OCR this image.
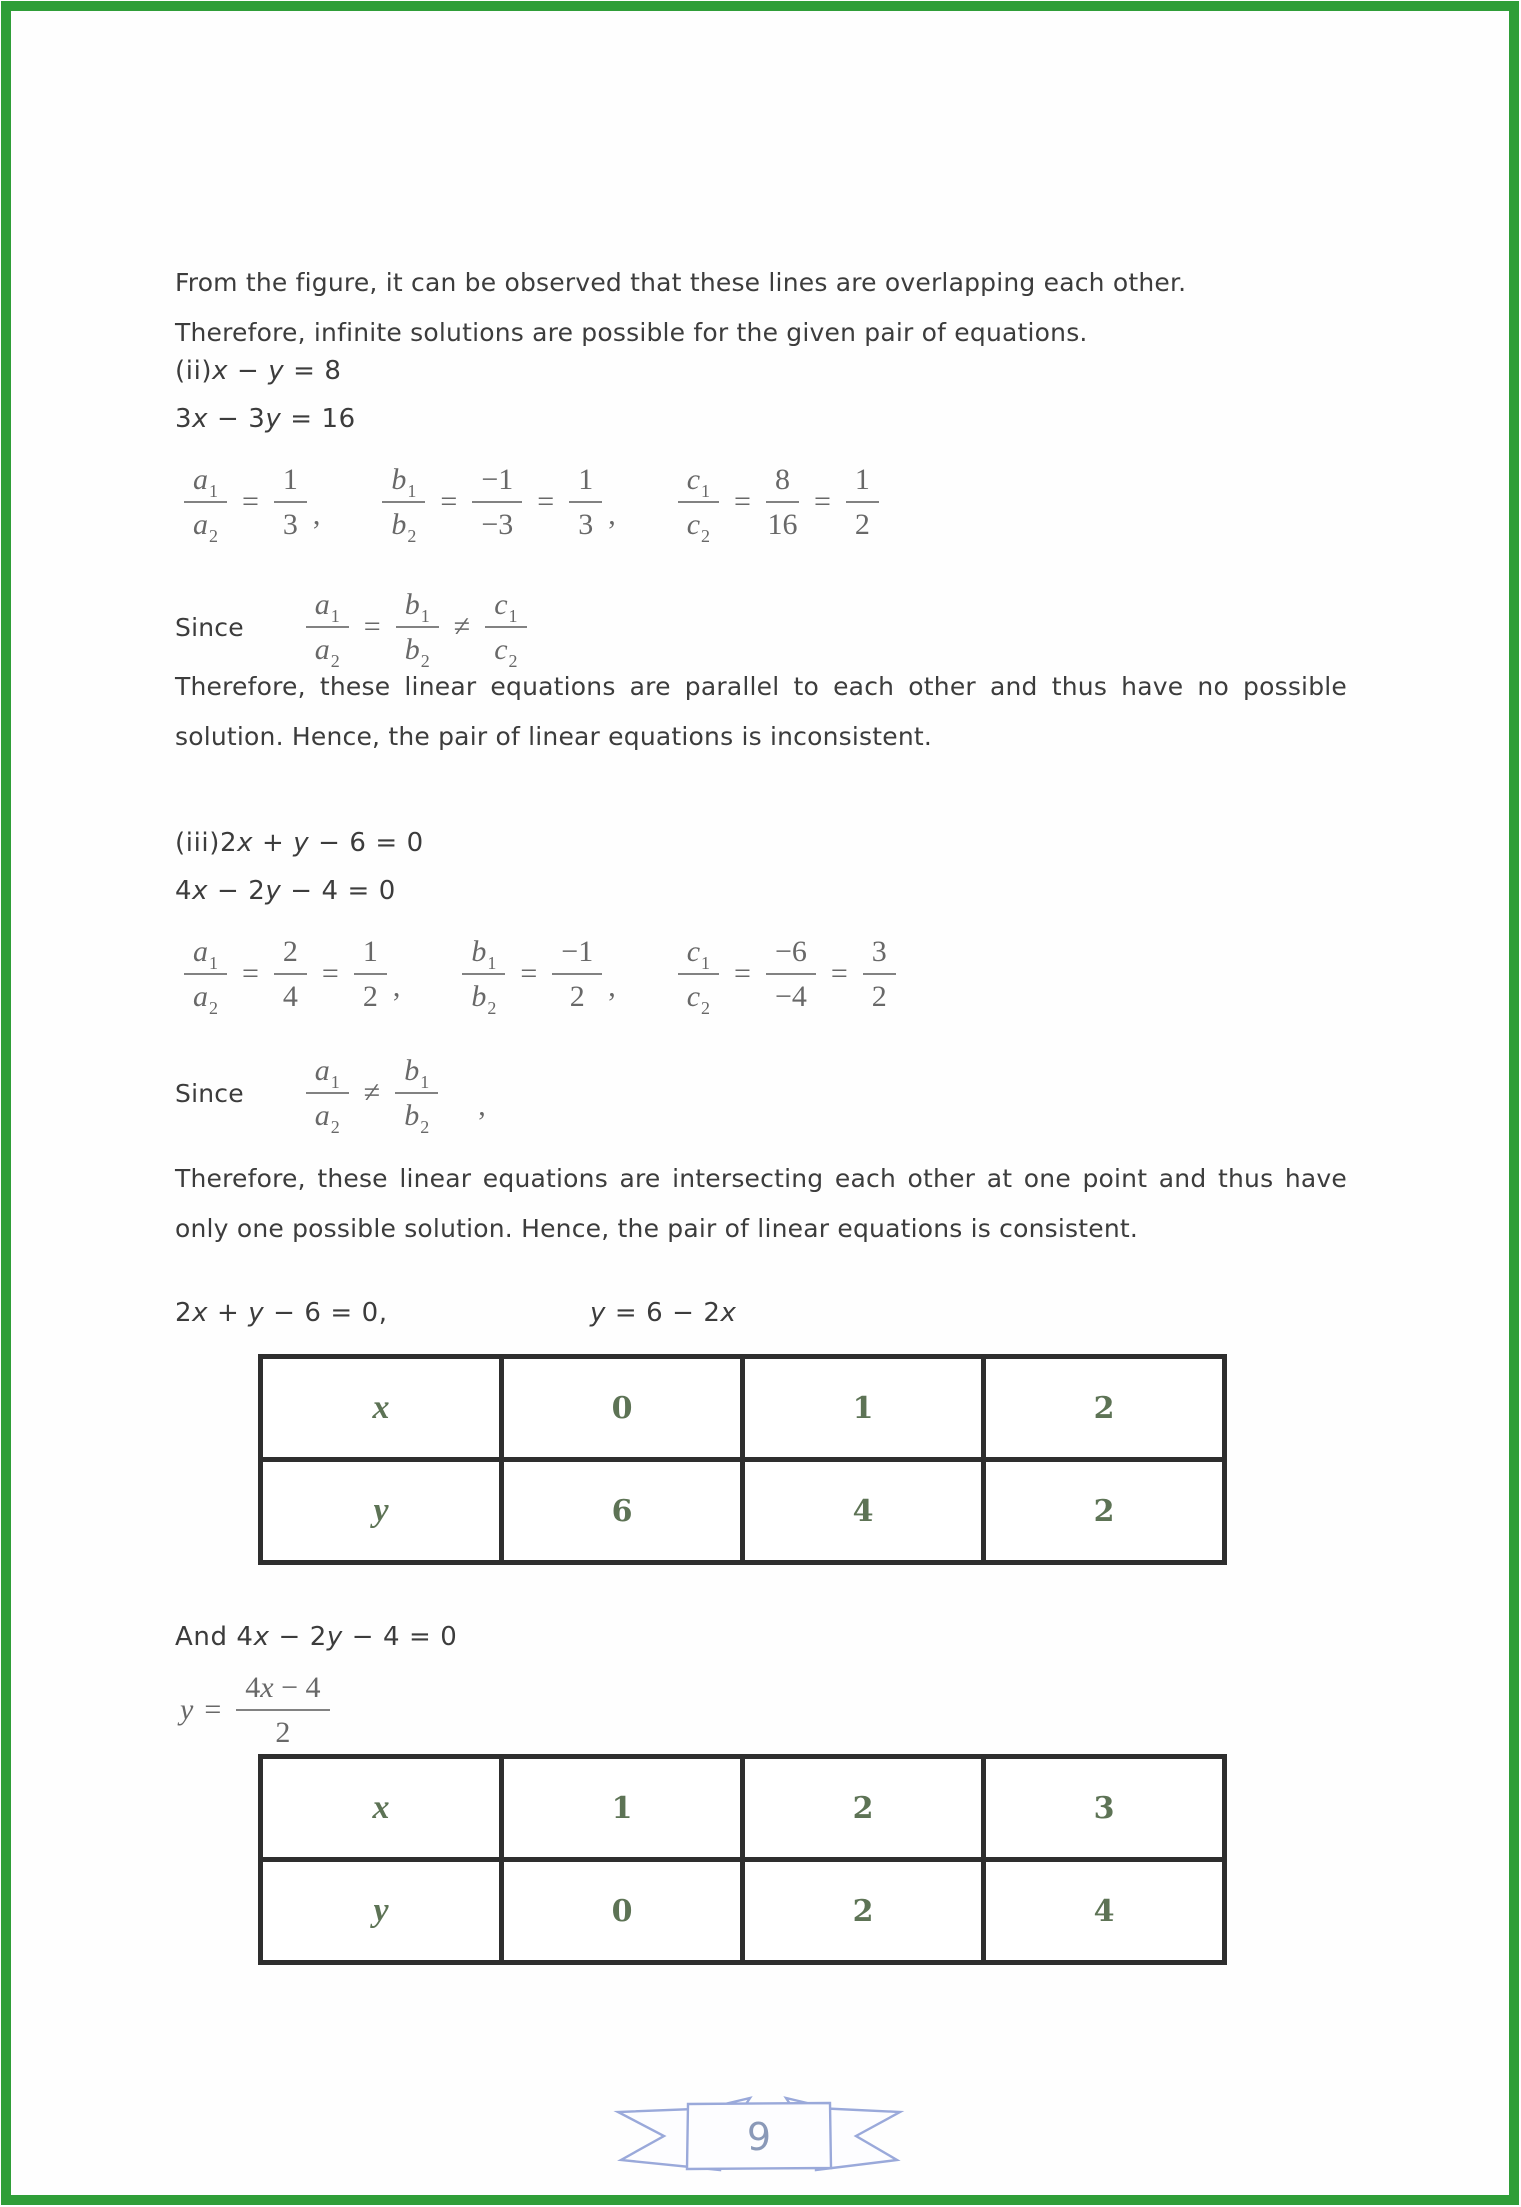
From the figure, it can be observed that these lines are overlapping each other.
Therefore, infinite solutions are possible for the given pair of equations.
(ii)x − y = 8
3x − 3y = 16
$\frac{a_1}{a_2} = \frac{1}{3}$ , $\frac{b_1}{b_2} = \frac{-1}{-3} = \frac{1}{3}$ , $\frac{c_1}{c_2} = \frac{8}{16} = \frac{1}{2}$
Since $\frac{a_1}{a_2} = \frac{b_1}{b_2} \ne \frac{c_1}{c_2}$
Therefore, these linear equations are parallel to each other and thus have no possible
solution. Hence, the pair of linear equations is inconsistent.
(iii)2x + y − 6 = 0
4x − 2y − 4 = 0
$\frac{a_1}{a_2} = \frac{2}{4} = \frac{1}{2}$ , $\frac{b_1}{b_2} = \frac{-1}{2}$ , $\frac{c_1}{c_2} = \frac{-6}{-4} = \frac{3}{2}$
Since $\frac{a_1}{a_2} \ne \frac{b_1}{b_2}$ ,
Therefore, these linear equations are intersecting each other at one point and thus have
only one possible solution. Hence, the pair of linear equations is consistent.
2x + y − 6 = 0,	y = 6 − 2x
x	0	1	2
y	6	4	2
And 4x − 2y − 4 = 0
$y = \frac{4x - 4}{2}$
x	1	2	3
y	0	2	4
9
